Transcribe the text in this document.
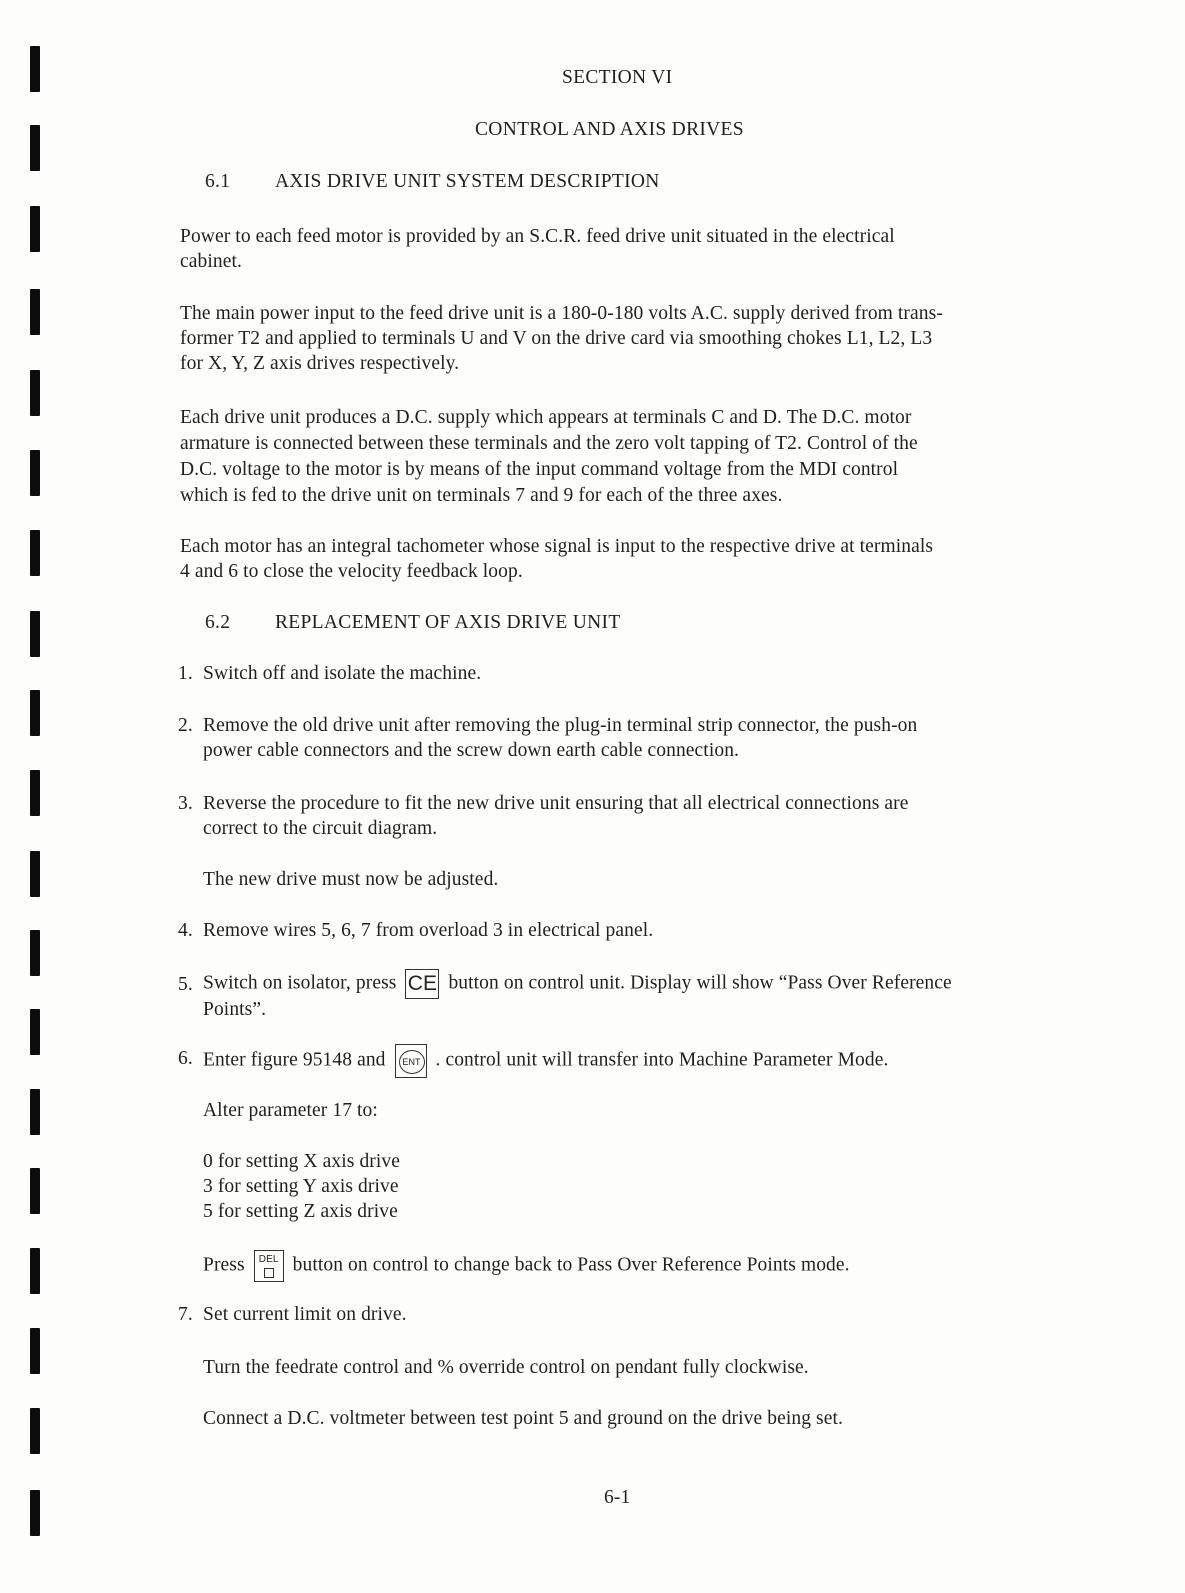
SECTION VI
CONTROL AND AXIS DRIVES
6.1 AXIS DRIVE UNIT SYSTEM DESCRIPTION
Power to each feed motor is provided by an S.C.R. feed drive unit situated in the electrical
cabinet.
The main power input to the feed drive unit is a 180-0-180 volts A.C. supply derived from trans-
former T2 and applied to terminals U and V on the drive card via smoothing chokes L1, L2, L3
for X, Y, Z axis drives respectively.
Each drive unit produces a D.C. supply which appears at terminals C and D. The D.C. motor
armature is connected between these terminals and the zero volt tapping of T2. Control of the
D.C. voltage to the motor is by means of the input command voltage from the MDI control
which is fed to the drive unit on terminals 7 and 9 for each of the three axes.
Each motor has an integral tachometer whose signal is input to the respective drive at terminals
4 and 6 to close the velocity feedback loop.
6.2 REPLACEMENT OF AXIS DRIVE UNIT
1. Switch off and isolate the machine.
2. Remove the old drive unit after removing the plug-in terminal strip connector, the push-on
power cable connectors and the screw down earth cable connection.
3. Reverse the procedure to fit the new drive unit ensuring that all electrical connections are
correct to the circuit diagram.
The new drive must now be adjusted.
4. Remove wires 5, 6, 7 from overload 3 in electrical panel.
5. Switch on isolator, press CE button on control unit. Display will show “Pass Over Reference
Points”.
6. Enter figure 95148 and	ENT . control unit will transfer into Machine Parameter Mode.
Alter parameter 17 to:
0 for setting X axis drive
3 for setting Y axis drive
5 for setting Z axis drive
Press DEL button on control to change back to Pass Over Reference Points mode.
7. Set current limit on drive.
Turn the feedrate control and % override control on pendant fully clockwise.
Connect a D.C. voltmeter between test point 5 and ground on the drive being set.
6-1
